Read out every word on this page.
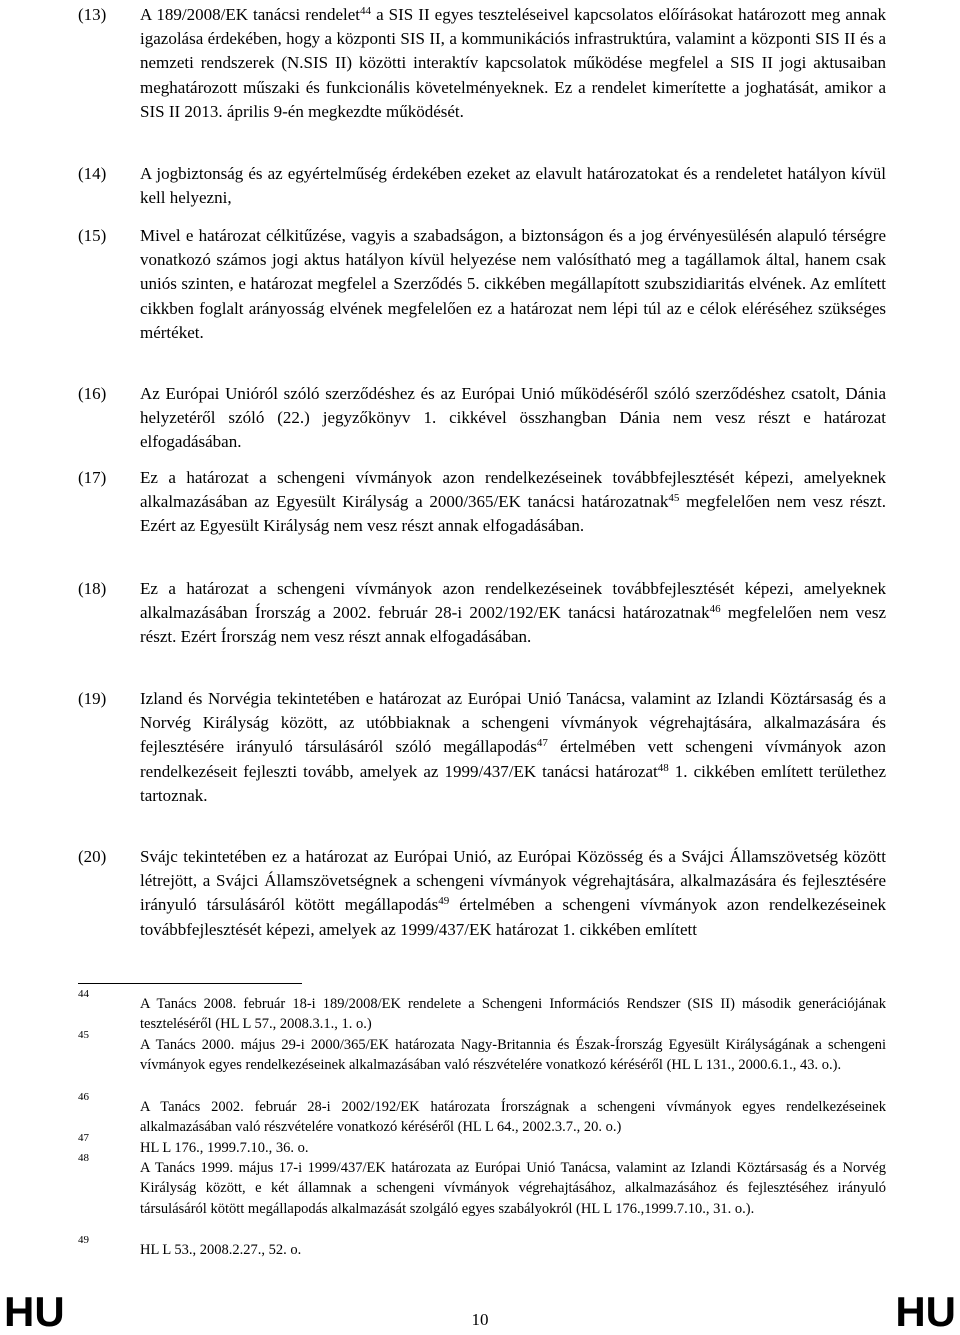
(13) A 189/2008/EK tanácsi rendelet$^{44}$ a SIS II egyes teszteléseivel kapcsolatos előírásokat határozott meg annak igazolása érdekében, hogy a központi SIS II, a kommunikációs infrastruktúra, valamint a központi SIS II és a nemzeti rendszerek (N.SIS II) közötti interaktív kapcsolatok működése megfelel a SIS II jogi aktusaiban meghatározott műszaki és funkcionális követelményeknek. Ez a rendelet kimerítette a joghatását, amikor a SIS II 2013. április 9-én megkezdte működését.
(14) A jogbiztonság és az egyértelműség érdekében ezeket az elavult határozatokat és a rendeletet hatályon kívül kell helyezni,
(15) Mivel e határozat célkitűzése, vagyis a szabadságon, a biztonságon és a jog érvényesülésén alapuló térségre vonatkozó számos jogi aktus hatályon kívül helyezése nem valósítható meg a tagállamok által, hanem csak uniós szinten, e határozat megfelel a Szerződés 5. cikkében megállapított szubszidiaritás elvének. Az említett cikkben foglalt arányosság elvének megfelelően ez a határozat nem lépi túl az e célok eléréséhez szükséges mértéket.
(16) Az Európai Unióról szóló szerződéshez és az Európai Unió működéséről szóló szerződéshez csatolt, Dánia helyzetéről szóló (22.) jegyzőkönyv 1. cikkével összhangban Dánia nem vesz részt e határozat elfogadásában.
(17) Ez a határozat a schengeni vívmányok azon rendelkezéseinek továbbfejlesztését képezi, amelyeknek alkalmazásában az Egyesült Királyság a 2000/365/EK tanácsi határozatnak$^{45}$ megfelelően nem vesz részt. Ezért az Egyesült Királyság nem vesz részt annak elfogadásában.
(18) Ez a határozat a schengeni vívmányok azon rendelkezéseinek továbbfejlesztését képezi, amelyeknek alkalmazásában Írország a 2002. február 28-i 2002/192/EK tanácsi határozatnak$^{46}$ megfelelően nem vesz részt. Ezért Írország nem vesz részt annak elfogadásában.
(19) Izland és Norvégia tekintetében e határozat az Európai Unió Tanácsa, valamint az Izlandi Köztársaság és a Norvég Királyság között, az utóbbiaknak a schengeni vívmányok végrehajtására, alkalmazására és fejlesztésére irányuló társulásáról szóló megállapodás$^{47}$ értelmében vett schengeni vívmányok azon rendelkezéseit fejleszti tovább, amelyek az 1999/437/EK tanácsi határozat$^{48}$ 1. cikkében említett területhez tartoznak.
(20) Svájc tekintetében ez a határozat az Európai Unió, az Európai Közösség és a Svájci Államszövetség között létrejött, a Svájci Államszövetségnek a schengeni vívmányok végrehajtására, alkalmazására és fejlesztésére irányuló társulásáról kötött megállapodás$^{49}$ értelmében a schengeni vívmányok azon rendelkezéseinek továbbfejlesztését képezi, amelyek az 1999/437/EK határozat 1. cikkében említett
44
A Tanács 2008. február 18-i 189/2008/EK rendelete a Schengeni Információs Rendszer (SIS II) második generációjának teszteléséről (HL L 57., 2008.3.1., 1. o.)
45
A Tanács 2000. május 29-i 2000/365/EK határozata Nagy-Britannia és Észak-Írország Egyesült Királyságának a schengeni vívmányok egyes rendelkezéseinek alkalmazásában való részvételére vonatkozó kéréséről (HL L 131., 2000.6.1., 43. o.).
46
A Tanács 2002. február 28-i 2002/192/EK határozata Írországnak a schengeni vívmányok egyes rendelkezéseinek alkalmazásában való részvételére vonatkozó kéréséről (HL L 64., 2002.3.7., 20. o.)
47
HL L 176., 1999.7.10., 36. o.
48
A Tanács 1999. május 17-i 1999/437/EK határozata az Európai Unió Tanácsa, valamint az Izlandi Köztársaság és a Norvég Királyság között, e két államnak a schengeni vívmányok végrehajtásához, alkalmazásához és fejlesztéséhez irányuló társulásáról kötött megállapodás alkalmazását szolgáló egyes szabályokról (HL L 176.,1999.7.10., 31. o.).
49
HL L 53., 2008.2.27., 52. o.
HU	10	HU
